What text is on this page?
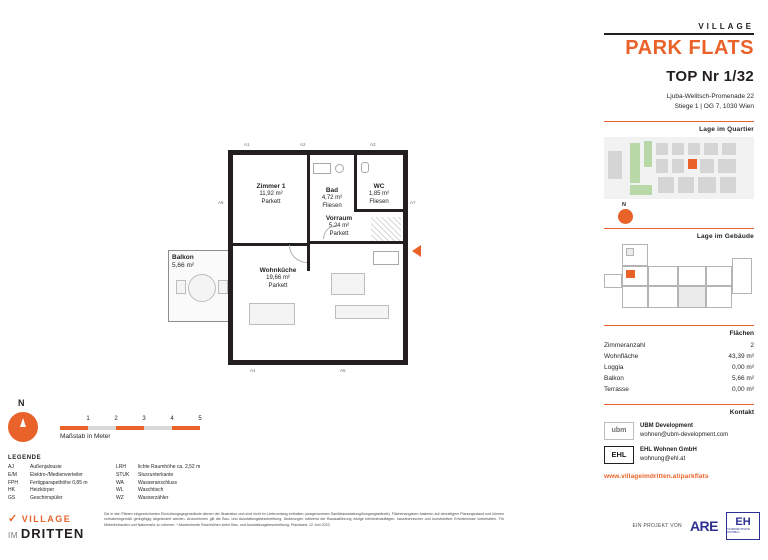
Balkon
5,66 m²
Zimmer 1
11,92 m²
Parkett
Bad
4,72 m²
Fliesen
WC
1,85 m²
Fliesen
Vorraum
5,24 m²
Parkett
Wohnküche
19,66 m²
Parkett
A1	A2	A3
A4	A5
A6	A7
N
1	2	3	4	5
Maßstab in Meter
LEGENDE
AJ	Außenjalousie
E/M	Elektro-/Medienverteiler
FPH	Fertigparapethöhe 0,85 m
HK	Heizkörper
GS	Geschirrspüler
LRH	lichte Raumhöhe ca. 2,52 m
STUK	Sturzunterkante
WA	Wasseranschluss
WL	Waschtisch
WZ	Wasserzähler
✓ VILLAGE
IM DRITTEN
Die in den Plänen eingezeichneten Einrichtungsgegenstände dienen der Illustration und sind nicht im Lieferumfang enthalten (ausgenommen Sanitärausstattung/Ausgangsstände). Flächenangaben basieren auf derzeitigem Planungsstand und können vorhabensgemäß geringfügig abgeändert werden. Anzunehmen gilt die Bau- und Ausstattungsbeschreibung. Änderungen während der Bauausführung infolge behördenauflagen, haustechnischer und konstruktiver Erfordernisse vorbehalten. Für Möbeleinbauten und Naturmaße zu nehmen. * Abweichende Raumhöhen siehe Bau- und Ausstattungsbeschreibung. Planstand: 12 Juni 2023	EIN PROJEKT VON ARE EH
ÖSTERREICHISCHE WOHNBAU
VILLAGE
PARK FLATS
TOP Nr 1/32
Ljuba-Welitsch-Promenade 22
Stiege 1 | OG 7, 1030 Wien
Lage im Quartier
N
Lage im Gebäude
Flächen
Zimmeranzahl	2
Wohnfläche	43,39 m²
Loggia	0,00 m²
Balkon	5,66 m²
Terrasse	0,00 m²
Kontakt
ubm
UBM Development
wohnen@ubm-development.com
EHL
EHL Wohnen GmbH
wohnung@ehl.at
www.villageimdritten.at/parkflats
